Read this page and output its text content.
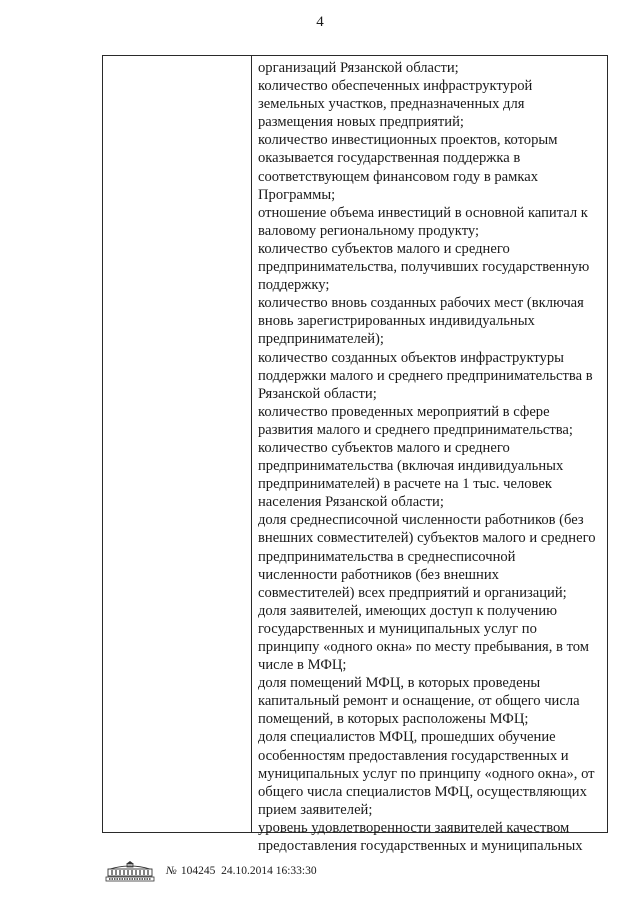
4
организаций Рязанской области;
количество обеспеченных инфраструктурой
земельных участков, предназначенных для
размещения новых предприятий;
количество инвестиционных проектов, которым
оказывается государственная поддержка в
соответствующем финансовом году в рамках
Программы;
отношение объема инвестиций в основной капитал к
валовому региональному продукту;
количество субъектов малого и среднего
предпринимательства, получивших государственную
поддержку;
количество вновь созданных рабочих мест (включая
вновь зарегистрированных индивидуальных
предпринимателей);
количество созданных объектов инфраструктуры
поддержки малого и среднего предпринимательства в
Рязанской области;
количество проведенных мероприятий в сфере
развития малого и среднего предпринимательства;
количество субъектов малого и среднего
предпринимательства (включая индивидуальных
предпринимателей) в расчете на 1 тыс. человек
населения Рязанской области;
доля среднесписочной численности работников (без
внешних совместителей) субъектов малого и среднего
предпринимательства в среднесписочной
численности работников (без внешних
совместителей) всех предприятий и организаций;
доля заявителей, имеющих доступ к получению
государственных и муниципальных услуг по
принципу «одного окна» по месту пребывания, в том
числе в МФЦ;
доля помещений МФЦ, в которых проведены
капитальный ремонт и оснащение, от общего числа
помещений, в которых расположены МФЦ;
доля специалистов МФЦ, прошедших обучение
особенностям предоставления государственных и
муниципальных услуг по принципу «одного окна», от
общего числа специалистов МФЦ, осуществляющих
прием заявителей;
уровень удовлетворенности заявителей качеством
предоставления государственных и муниципальных
№ 104245 24.10.2014 16:33:30
